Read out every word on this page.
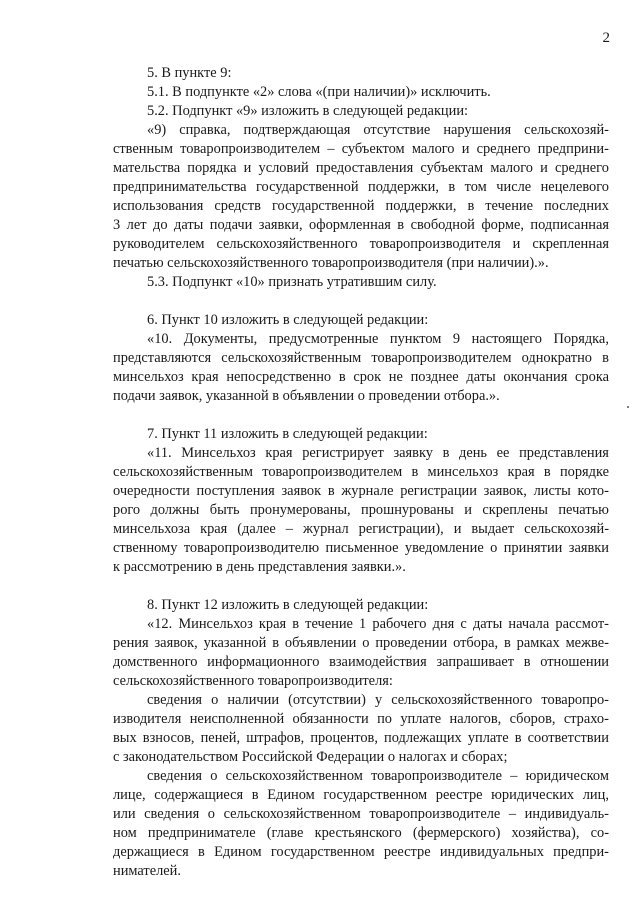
2
5. В пункте 9:
5.1. В подпункте «2» слова «(при наличии)» исключить.
5.2. Подпункт «9» изложить в следующей редакции:
«9) справка, подтверждающая отсутствие нарушения сельскохозяй-
ственным товаропроизводителем – субъектом малого и среднего предприни-
мательства порядка и условий предоставления субъектам малого и среднего
предпринимательства государственной поддержки, в том числе нецелевого
использования средств государственной поддержки, в течение последних
3 лет до даты подачи заявки, оформленная в свободной форме, подписанная
руководителем сельскохозяйственного товаропроизводителя и скрепленная
печатью сельскохозяйственного товаропроизводителя (при наличии).».
5.3. Подпункт «10» признать утратившим силу.
6. Пункт 10 изложить в следующей редакции:
«10. Документы, предусмотренные пунктом 9 настоящего Порядка,
представляются сельскохозяйственным товаропроизводителем однократно в
минсельхоз края непосредственно в срок не позднее даты окончания срока
подачи заявок, указанной в объявлении о проведении отбора.».
7. Пункт 11 изложить в следующей редакции:
«11. Минсельхоз края регистрирует заявку в день ее представления
сельскохозяйственным товаропроизводителем в минсельхоз края в порядке
очередности поступления заявок в журнале регистрации заявок, листы кото-
рого должны быть пронумерованы, прошнурованы и скреплены печатью
минсельхоза края (далее – журнал регистрации), и выдает сельскохозяй-
ственному товаропроизводителю письменное уведомление о принятии заявки
к рассмотрению в день представления заявки.».
8. Пункт 12 изложить в следующей редакции:
«12. Минсельхоз края в течение 1 рабочего дня с даты начала рассмот-
рения заявок, указанной в объявлении о проведении отбора, в рамках межве-
домственного информационного взаимодействия запрашивает в отношении
сельскохозяйственного товаропроизводителя:
сведения о наличии (отсутствии) у сельскохозяйственного товаропро-
изводителя неисполненной обязанности по уплате налогов, сборов, страхо-
вых взносов, пеней, штрафов, процентов, подлежащих уплате в соответствии
с законодательством Российской Федерации о налогах и сборах;
сведения о сельскохозяйственном товаропроизводителе – юридическом
лице, содержащиеся в Едином государственном реестре юридических лиц,
или сведения о сельскохозяйственном товаропроизводителе – индивидуаль-
ном предпринимателе (главе крестьянского (фермерского) хозяйства), со-
держащиеся в Едином государственном реестре индивидуальных предпри-
нимателей.
